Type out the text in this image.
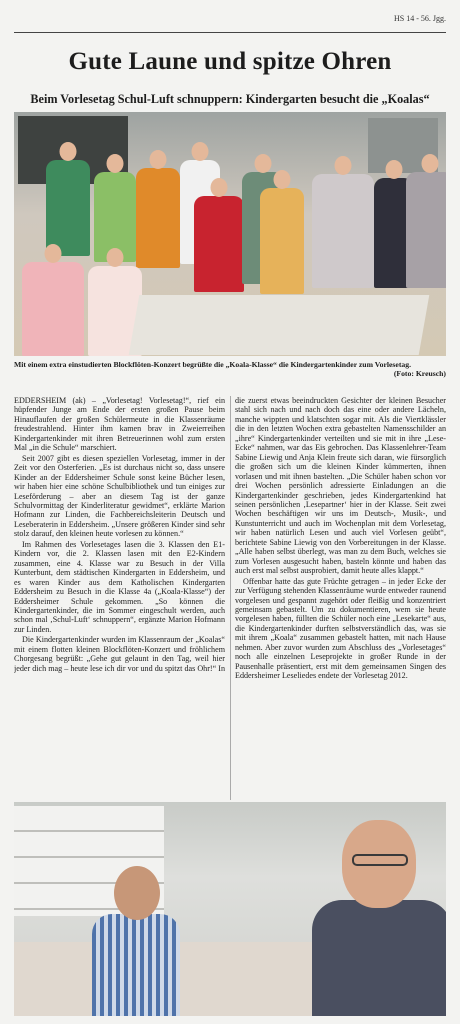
HS 14 - 56. Jgg.
Gute Laune und spitze Ohren
Beim Vorlesetag Schul-Luft schnuppern: Kindergarten besucht die „Koalas“
Mit einem extra einstudierten Blockflöten-Konzert begrüßte die „Koala-Klasse“ die Kindergartenkinder zum Vorlesetag.
(Foto: Kreusch)

EDDERSHEIM (ak) – „Vorlesetag! Vorlesetag!“, rief ein hüpfender Junge am Ende der ersten großen Pause beim Hinauflaufen der großen Schülermeute in die Klassenräume freudestrahlend. Hinter ihm kamen brav in Zweierreihen Kindergartenkinder mit ihren Betreuerinnen wohl zum ersten Mal „in die Schule“ marschiert.

Seit 2007 gibt es diesen speziellen Vorlesetag, immer in der Zeit vor den Osterferien. „Es ist durchaus nicht so, dass unsere Kinder an der Eddersheimer Schule sonst keine Bücher lesen, wir haben hier eine schöne Schulbibliothek und tun einiges zur Leseförderung – aber an diesem Tag ist der ganze Schulvormittag der Kinderliteratur gewidmet“, erklärte Marion Hofmann zur Linden, die Fachbereichsleiterin Deutsch und Leseberaterin in Eddersheim. „Unsere größeren Kinder sind sehr stolz darauf, den kleinen heute vorlesen zu können.“

Im Rahmen des Vorlesetages lasen die 3. Klassen den E1-Kindern vor, die 2. Klassen lasen mit den E2-Kindern zusammen, eine 4. Klasse war zu Besuch in der Villa Kunterbunt, dem städtischen Kindergarten in Eddersheim, und es waren Kinder aus dem Katholischen Kindergarten Eddersheim zu Besuch in die Klasse 4a („Koala-Klasse“) der Eddersheimer Schule gekommen. „So können die Kindergartenkinder, die im Sommer eingeschult werden, auch schon mal ‚Schul-Luft‘ schnuppern“, ergänzte Marion Hofmann zur Linden.

Die Kindergartenkinder wurden im Klassenraum der „Koalas“ mit einem flotten kleinen Blockflöten-Konzert und fröhlichem Chorgesang begrüßt: „Gehe gut gelaunt in den Tag, weil hier jeder dich mag – heute lese ich dir vor und du spitzt das Ohr!“ In die zuerst etwas beeindruckten Gesichter der kleinen Besucher stahl sich nach und nach doch das eine oder andere Lächeln, manche wippten und klatschten sogar mit. Als die Viertklässler die in den letzten Wochen extra gebastelten Namensschilder an „ihre“ Kindergartenkinder verteilten und sie mit in ihre „Lese-Ecke“ nahmen, war das Eis gebrochen. Das Klassenlehrer-Team Sabine Liewig und Anja Klein freute sich daran, wie fürsorglich die großen sich um die kleinen Kinder kümmerten, ihnen vorlasen und mit ihnen bastelten. „Die Schüler haben schon vor drei Wochen persönlich adressierte Einladungen an die Kindergartenkinder geschrieben, jedes Kindergartenkind hat seinen persönlichen ‚Lesepartner‘ hier in der Klasse. Seit zwei Wochen beschäftigen wir uns im Deutsch-, Musik-, und Kunstunterricht und auch im Wochenplan mit dem Vorlesetag, wir haben natürlich Lesen und auch viel Vorlesen geübt“, berichtete Sabine Liewig von den Vorbereitungen in der Klasse. „Alle haben selbst überlegt, was man zu dem Buch, welches sie zum Vorlesen ausgesucht haben, basteln könnte und haben das auch erst mal selbst ausprobiert, damit heute alles klappt.“

Offenbar hatte das gute Früchte getragen – in jeder Ecke der zur Verfügung stehenden Klassenräume wurde entweder raunend vorgelesen und gespannt zugehört oder fleißig und konzentriert gemeinsam gebastelt. Um zu dokumentieren, wem sie heute vorgelesen haben, füllten die Schüler noch eine „Lesekarte“ aus, die Kindergartenkinder durften selbstverständlich das, was sie mit ihrem „Koala“ zusammen gebastelt hatten, mit nach Hause nehmen. Aber zuvor wurden zum Abschluss des „Vorlesetages“ noch alle einzelnen Leseprojekte in großer Runde in der Pausenhalle präsentiert, erst mit dem gemeinsamen Singen des Eddersheimer Leseliedes endete der Vorlesetag 2012.
